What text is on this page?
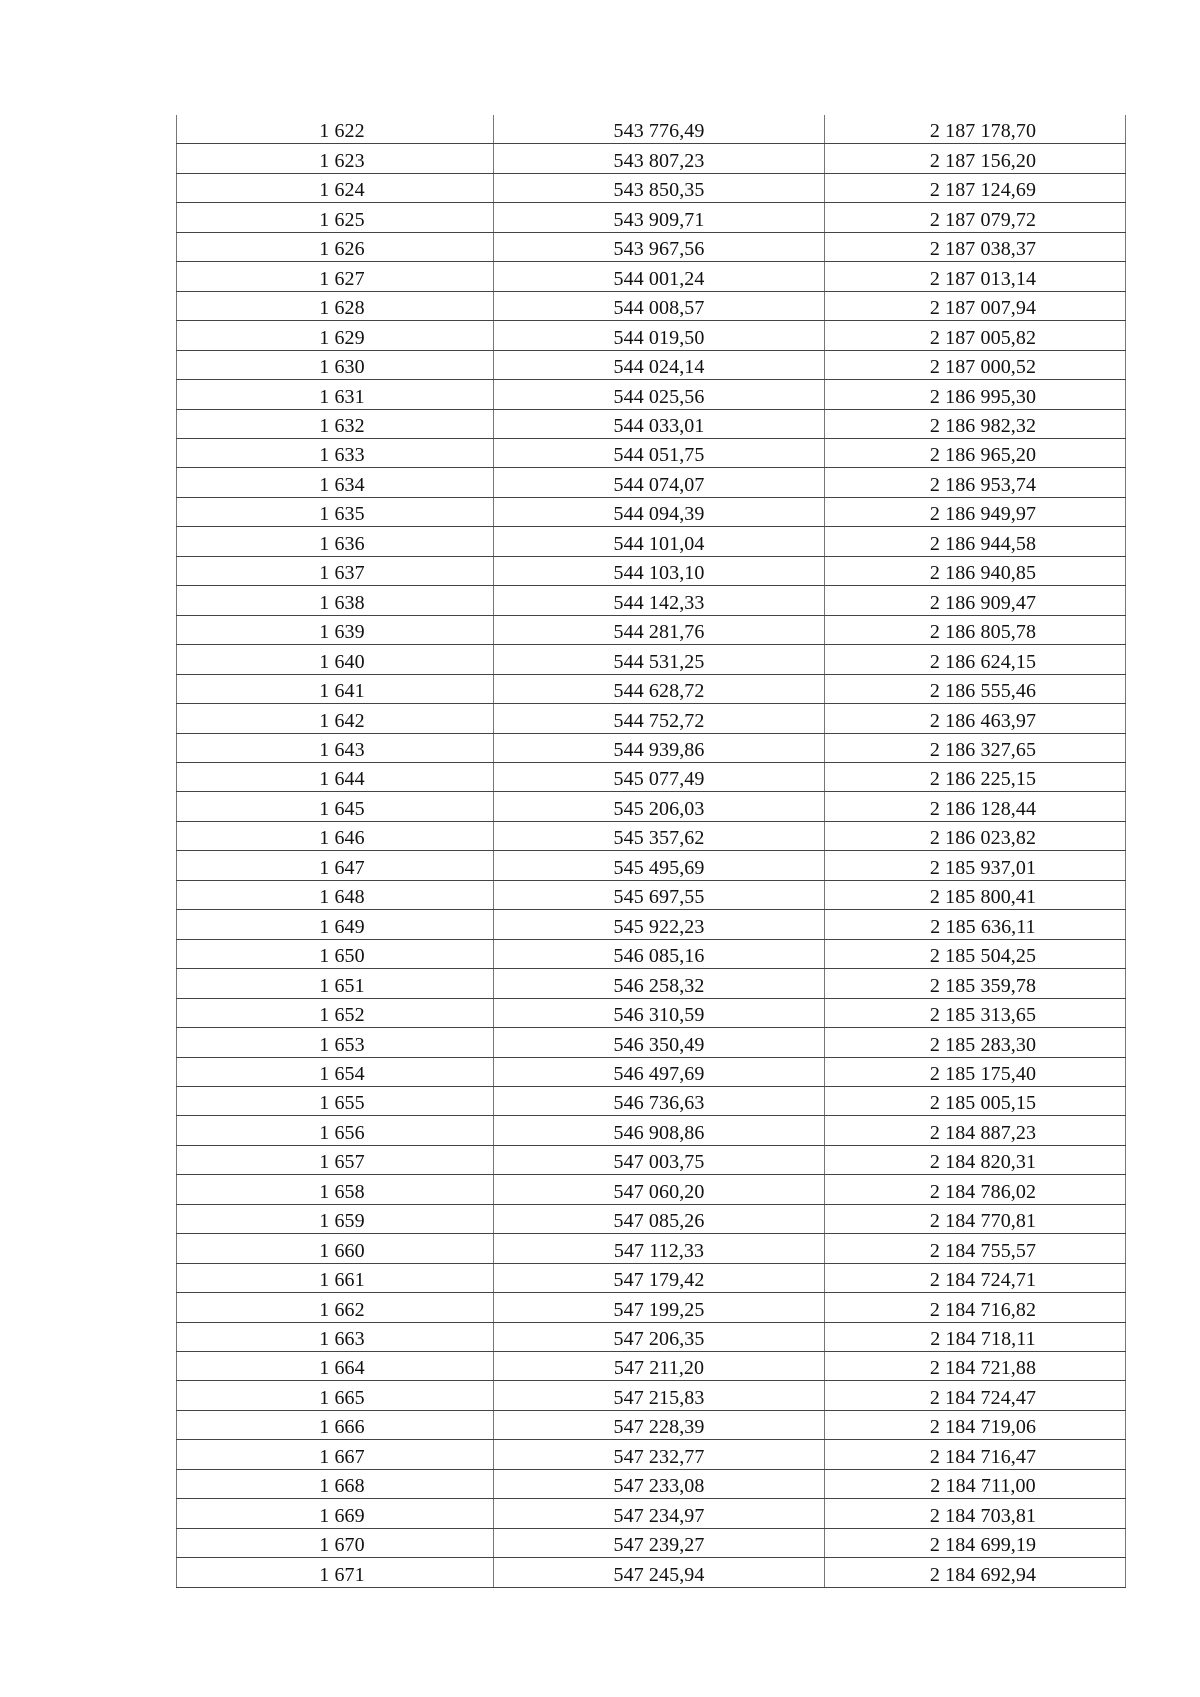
1 622	543 776,49	2 187 178,70
1 623	543 807,23	2 187 156,20
1 624	543 850,35	2 187 124,69
1 625	543 909,71	2 187 079,72
1 626	543 967,56	2 187 038,37
1 627	544 001,24	2 187 013,14
1 628	544 008,57	2 187 007,94
1 629	544 019,50	2 187 005,82
1 630	544 024,14	2 187 000,52
1 631	544 025,56	2 186 995,30
1 632	544 033,01	2 186 982,32
1 633	544 051,75	2 186 965,20
1 634	544 074,07	2 186 953,74
1 635	544 094,39	2 186 949,97
1 636	544 101,04	2 186 944,58
1 637	544 103,10	2 186 940,85
1 638	544 142,33	2 186 909,47
1 639	544 281,76	2 186 805,78
1 640	544 531,25	2 186 624,15
1 641	544 628,72	2 186 555,46
1 642	544 752,72	2 186 463,97
1 643	544 939,86	2 186 327,65
1 644	545 077,49	2 186 225,15
1 645	545 206,03	2 186 128,44
1 646	545 357,62	2 186 023,82
1 647	545 495,69	2 185 937,01
1 648	545 697,55	2 185 800,41
1 649	545 922,23	2 185 636,11
1 650	546 085,16	2 185 504,25
1 651	546 258,32	2 185 359,78
1 652	546 310,59	2 185 313,65
1 653	546 350,49	2 185 283,30
1 654	546 497,69	2 185 175,40
1 655	546 736,63	2 185 005,15
1 656	546 908,86	2 184 887,23
1 657	547 003,75	2 184 820,31
1 658	547 060,20	2 184 786,02
1 659	547 085,26	2 184 770,81
1 660	547 112,33	2 184 755,57
1 661	547 179,42	2 184 724,71
1 662	547 199,25	2 184 716,82
1 663	547 206,35	2 184 718,11
1 664	547 211,20	2 184 721,88
1 665	547 215,83	2 184 724,47
1 666	547 228,39	2 184 719,06
1 667	547 232,77	2 184 716,47
1 668	547 233,08	2 184 711,00
1 669	547 234,97	2 184 703,81
1 670	547 239,27	2 184 699,19
1 671	547 245,94	2 184 692,94
